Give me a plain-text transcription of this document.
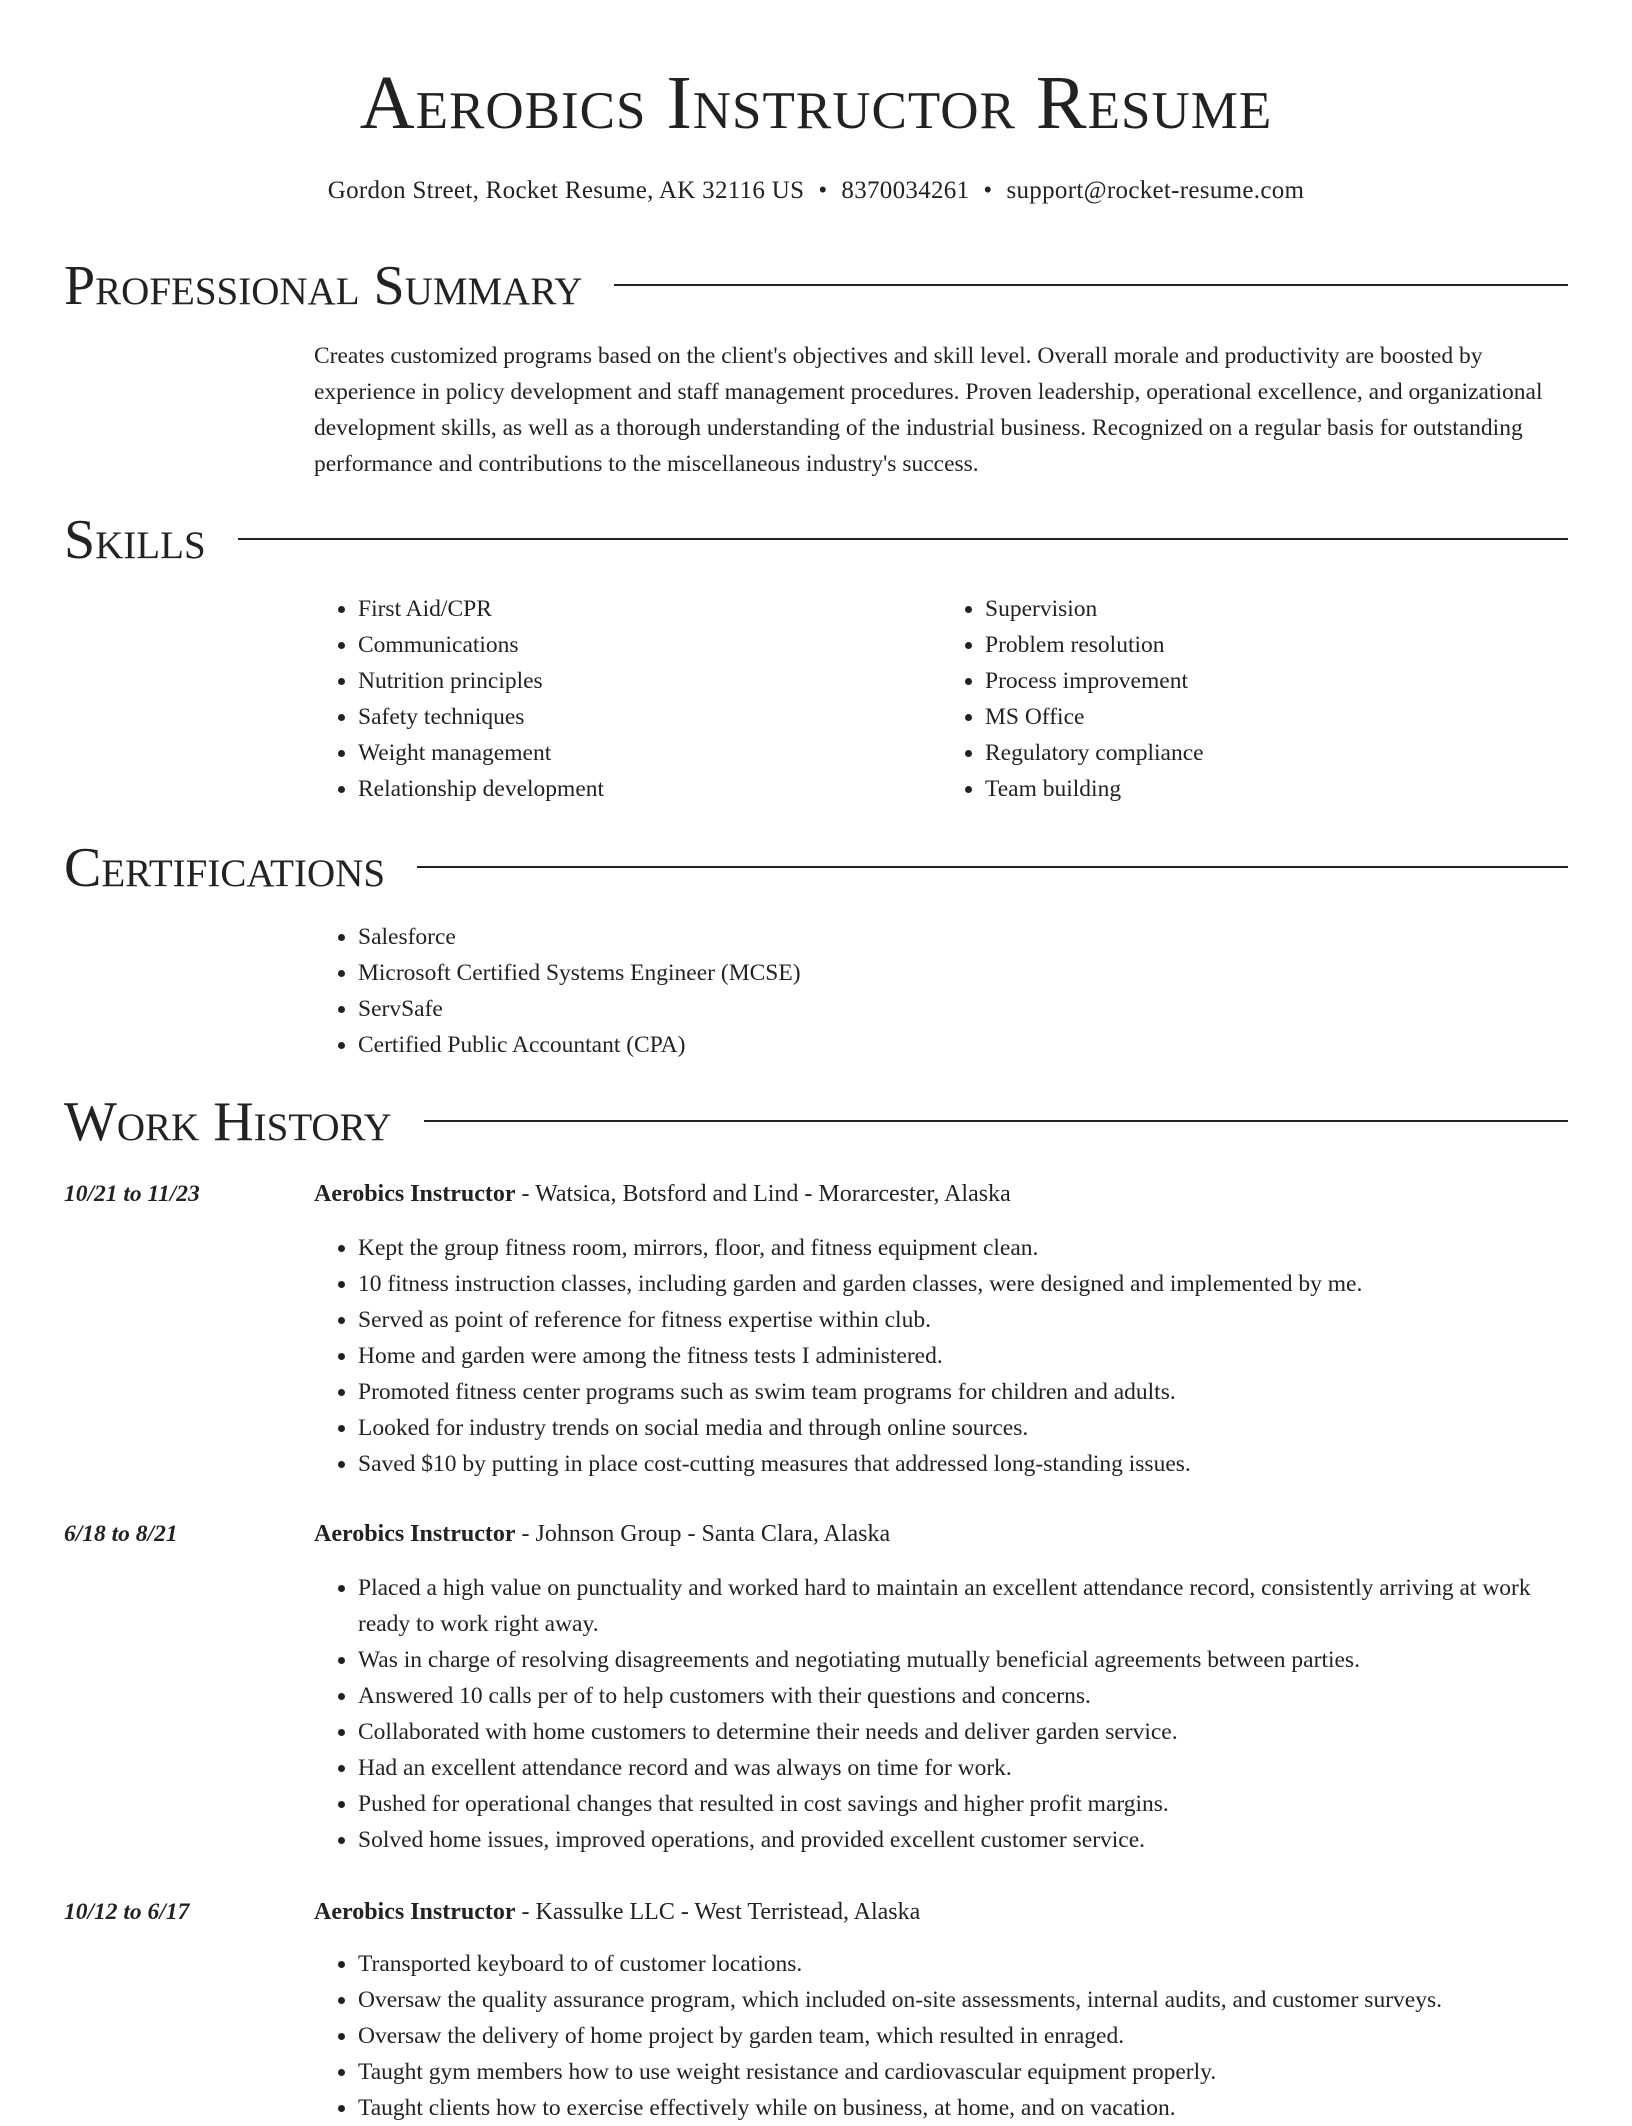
Aerobics Instructor Resume
Gordon Street, Rocket Resume, AK 32116 US • 8370034261 • support@rocket-resume.com
Professional Summary

Creates customized programs based on the client's objectives and skill level. Overall morale and productivity are boosted by experience in policy development and staff management procedures. Proven leadership, operational excellence, and organizational development skills, as well as a thorough understanding of the industrial business. Recognized on a regular basis for outstanding performance and contributions to the miscellaneous industry's success.

Skills
• First Aid/CPR
• Communications
• Nutrition principles
• Safety techniques
• Weight management
• Relationship development
• Supervision
• Problem resolution
• Process improvement
• MS Office
• Regulatory compliance
• Team building
Certifications
• Salesforce
• Microsoft Certified Systems Engineer (MCSE)
• ServSafe
• Certified Public Accountant (CPA)
Work History
10/21 to 11/23	Aerobics Instructor - Watsica, Botsford and Lind - Morarcester, Alaska
• Kept the group fitness room, mirrors, floor, and fitness equipment clean.
• 10 fitness instruction classes, including garden and garden classes, were designed and implemented by me.
• Served as point of reference for fitness expertise within club.
• Home and garden were among the fitness tests I administered.
• Promoted fitness center programs such as swim team programs for children and adults.
• Looked for industry trends on social media and through online sources.
• Saved $10 by putting in place cost-cutting measures that addressed long-standing issues.
6/18 to 8/21	Aerobics Instructor - Johnson Group - Santa Clara, Alaska
• Placed a high value on punctuality and worked hard to maintain an excellent attendance record, consistently arriving at work ready to work right away.
• Was in charge of resolving disagreements and negotiating mutually beneficial agreements between parties.
• Answered 10 calls per of to help customers with their questions and concerns.
• Collaborated with home customers to determine their needs and deliver garden service.
• Had an excellent attendance record and was always on time for work.
• Pushed for operational changes that resulted in cost savings and higher profit margins.
• Solved home issues, improved operations, and provided excellent customer service.
10/12 to 6/17	Aerobics Instructor - Kassulke LLC - West Terristead, Alaska
• Transported keyboard to of customer locations.
• Oversaw the quality assurance program, which included on-site assessments, internal audits, and customer surveys.
• Oversaw the delivery of home project by garden team, which resulted in enraged.
• Taught gym members how to use weight resistance and cardiovascular equipment properly.
• Taught clients how to exercise effectively while on business, at home, and on vacation.
